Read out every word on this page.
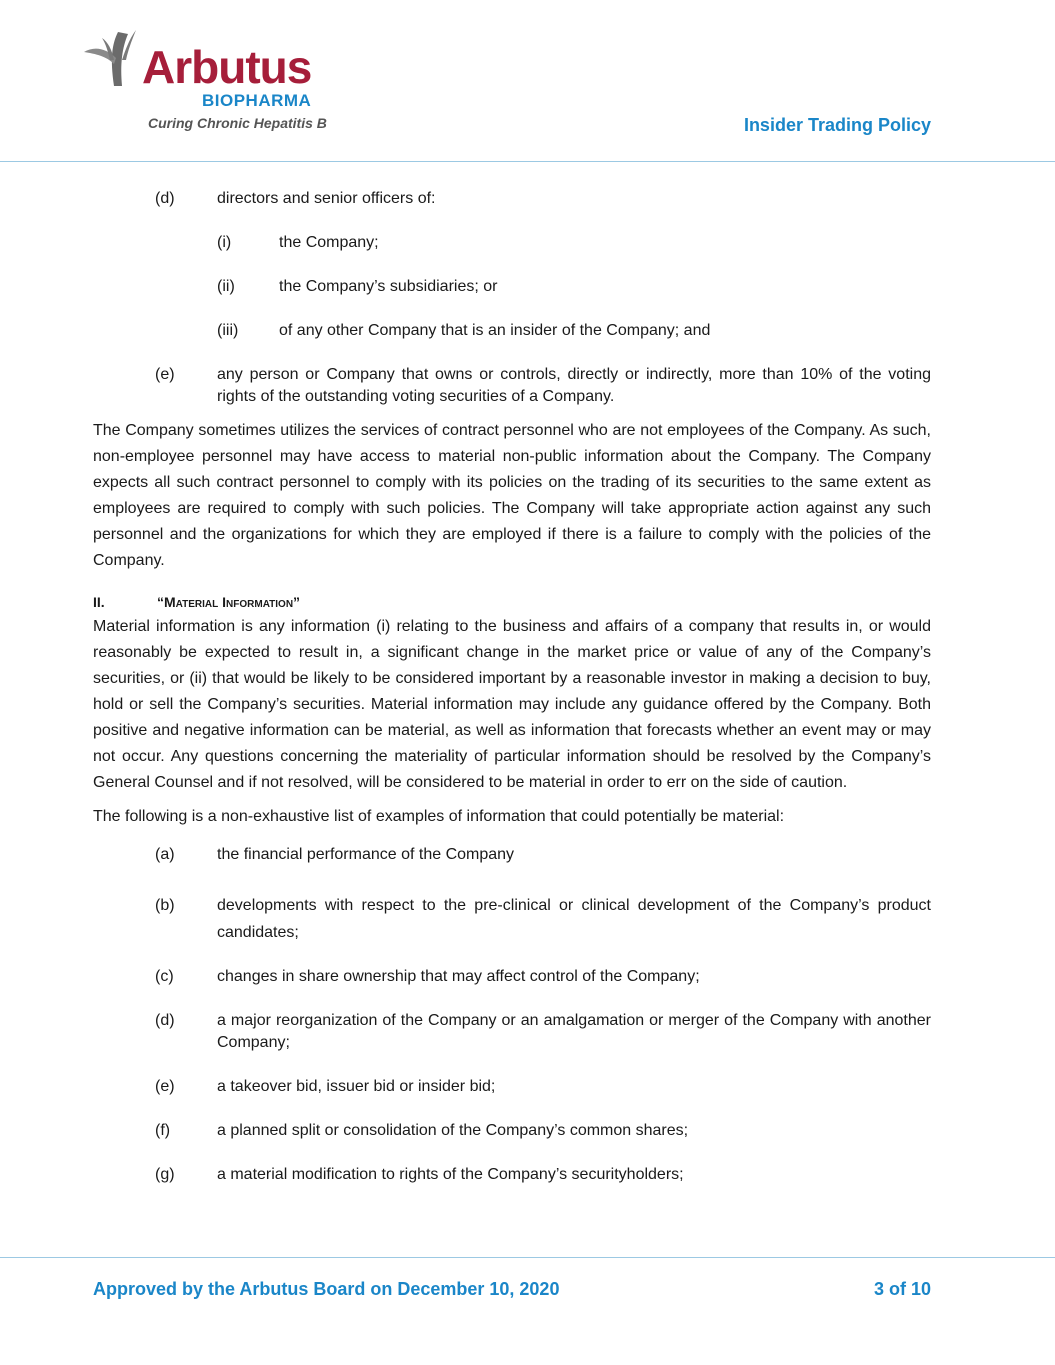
Arbutus
BIOPHARMA
Curing Chronic Hepatitis B	Insider Trading Policy
(d)	directors and senior officers of:
(i)	the Company;
(ii)	the Company’s subsidiaries; or
(iii)	of any other Company that is an insider of the Company; and
(e)	any person or Company that owns or controls, directly or indirectly, more than 10% of the voting rights of the outstanding voting securities of a Company.

The Company sometimes utilizes the services of contract personnel who are not employees of the Company. As such, non-employee personnel may have access to material non-public information about the Company. The Company expects all such contract personnel to comply with its policies on the trading of its securities to the same extent as employees are required to comply with such policies. The Company will take appropriate action against any such personnel and the organizations for which they are employed if there is a failure to comply with the policies of the Company.

II.	“Material Information”

Material information is any information (i) relating to the business and affairs of a company that results in, or would reasonably be expected to result in, a significant change in the market price or value of any of the Company’s securities, or (ii) that would be likely to be considered important by a reasonable investor in making a decision to buy, hold or sell the Company’s securities. Material information may include any guidance offered by the Company. Both positive and negative information can be material, as well as information that forecasts whether an event may or may not occur. Any questions concerning the materiality of particular information should be resolved by the Company’s General Counsel and if not resolved, will be considered to be material in order to err on the side of caution.

The following is a non-exhaustive list of examples of information that could potentially be material:

(a)	the financial performance of the Company
(b)	developments with respect to the pre-clinical or clinical development of the Company’s product candidates;
(c)	changes in share ownership that may affect control of the Company;
(d)	a major reorganization of the Company or an amalgamation or merger of the Company with another Company;
(e)	a takeover bid, issuer bid or insider bid;
(f)	a planned split or consolidation of the Company’s common shares;
(g)	a material modification to rights of the Company’s securityholders;
Approved by the Arbutus Board on December 10, 2020	3 of 10
